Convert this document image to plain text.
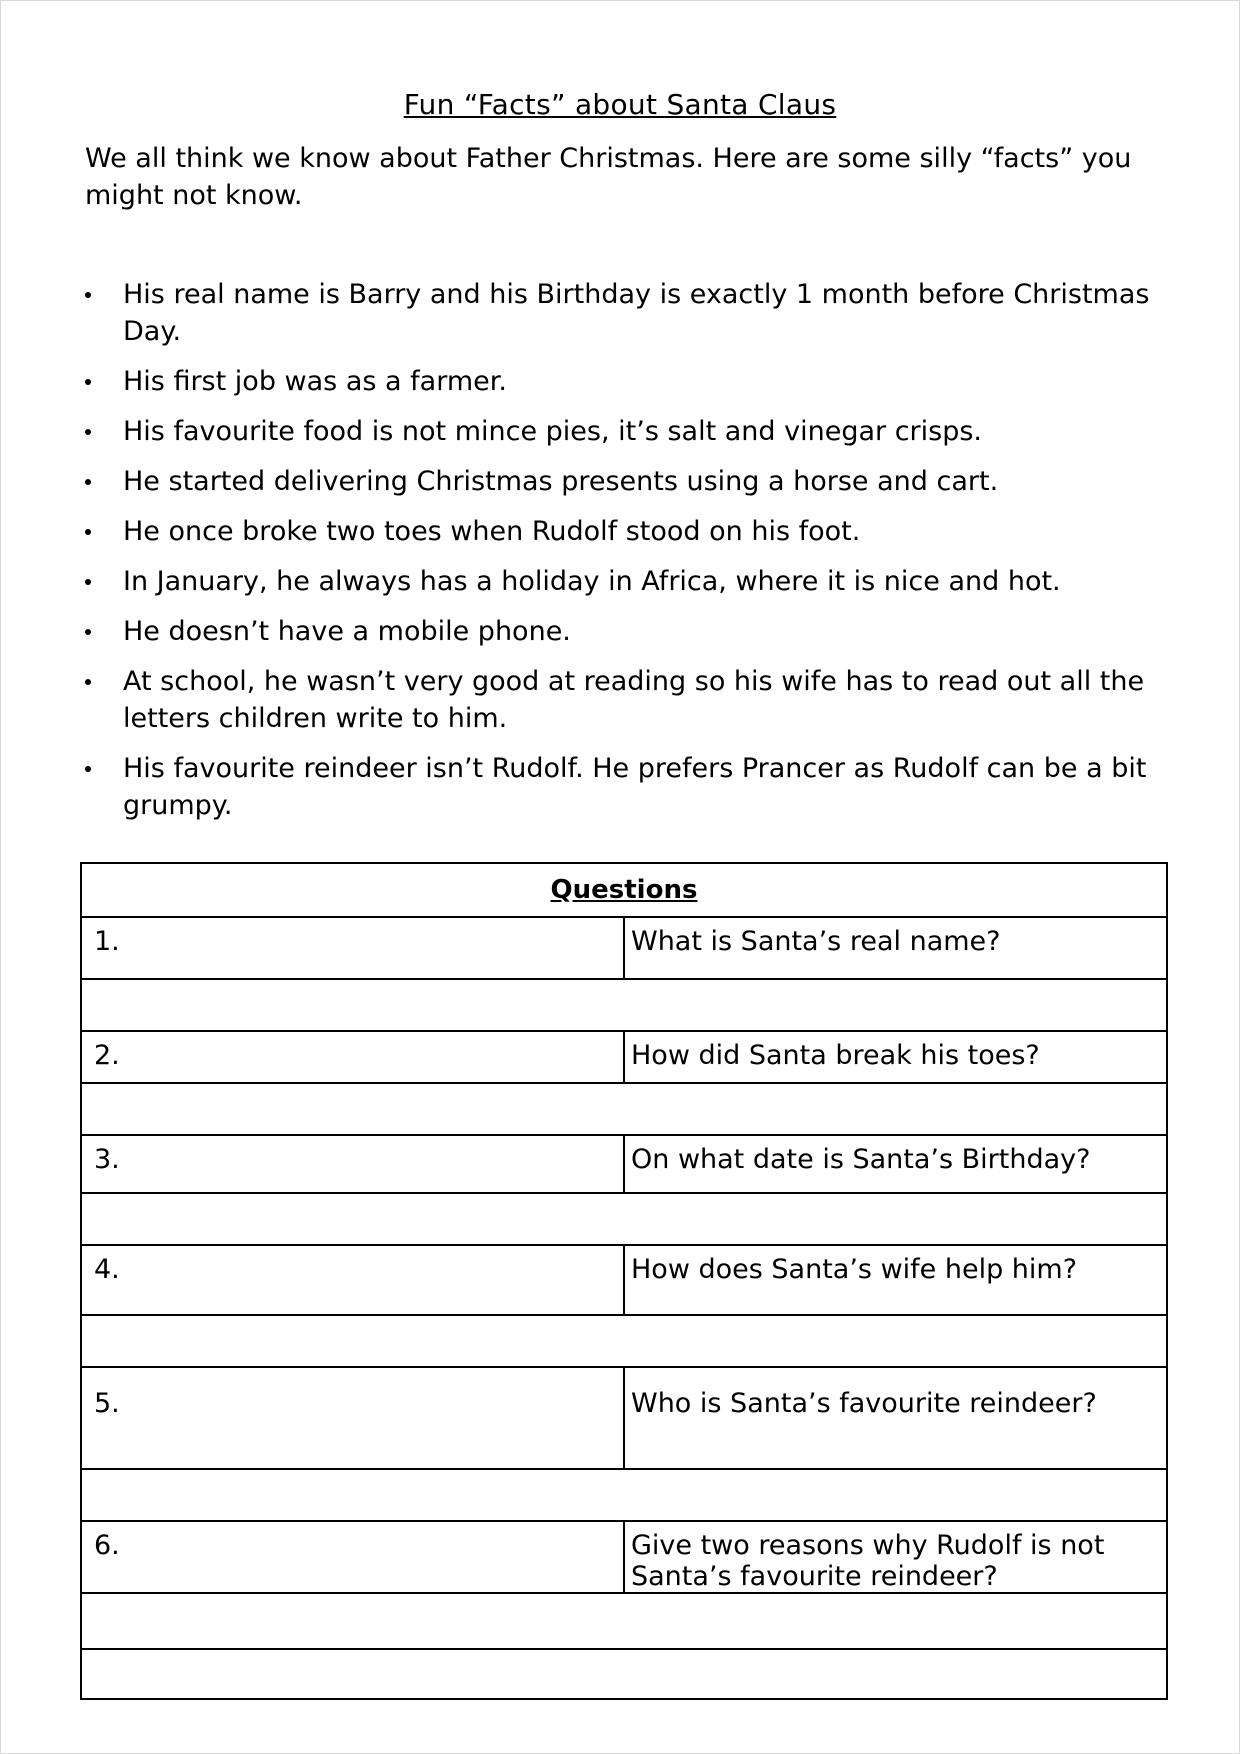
Fun “Facts” about Santa Claus

We all think we know about Father Christmas. Here are some silly “facts” you might not know.

His real name is Barry and his Birthday is exactly 1 month before Christmas Day.
His first job was as a farmer.
His favourite food is not mince pies, it’s salt and vinegar crisps.
He started delivering Christmas presents using a horse and cart.
He once broke two toes when Rudolf stood on his foot.
In January, he always has a holiday in Africa, where it is nice and hot.
He doesn’t have a mobile phone.
At school, he wasn’t very good at reading so his wife has to read out all the letters children write to him.
His favourite reindeer isn’t Rudolf. He prefers Prancer as Rudolf can be a bit grumpy.
Questions	
1.	What is Santa’s real name?

2.	How did Santa break his toes?

3.	On what date is Santa’s Birthday?

4.	How does Santa’s wife help him?

5.	Who is Santa’s favourite reindeer?

6.	Give two reasons why Rudolf is not Santa’s favourite reindeer?
